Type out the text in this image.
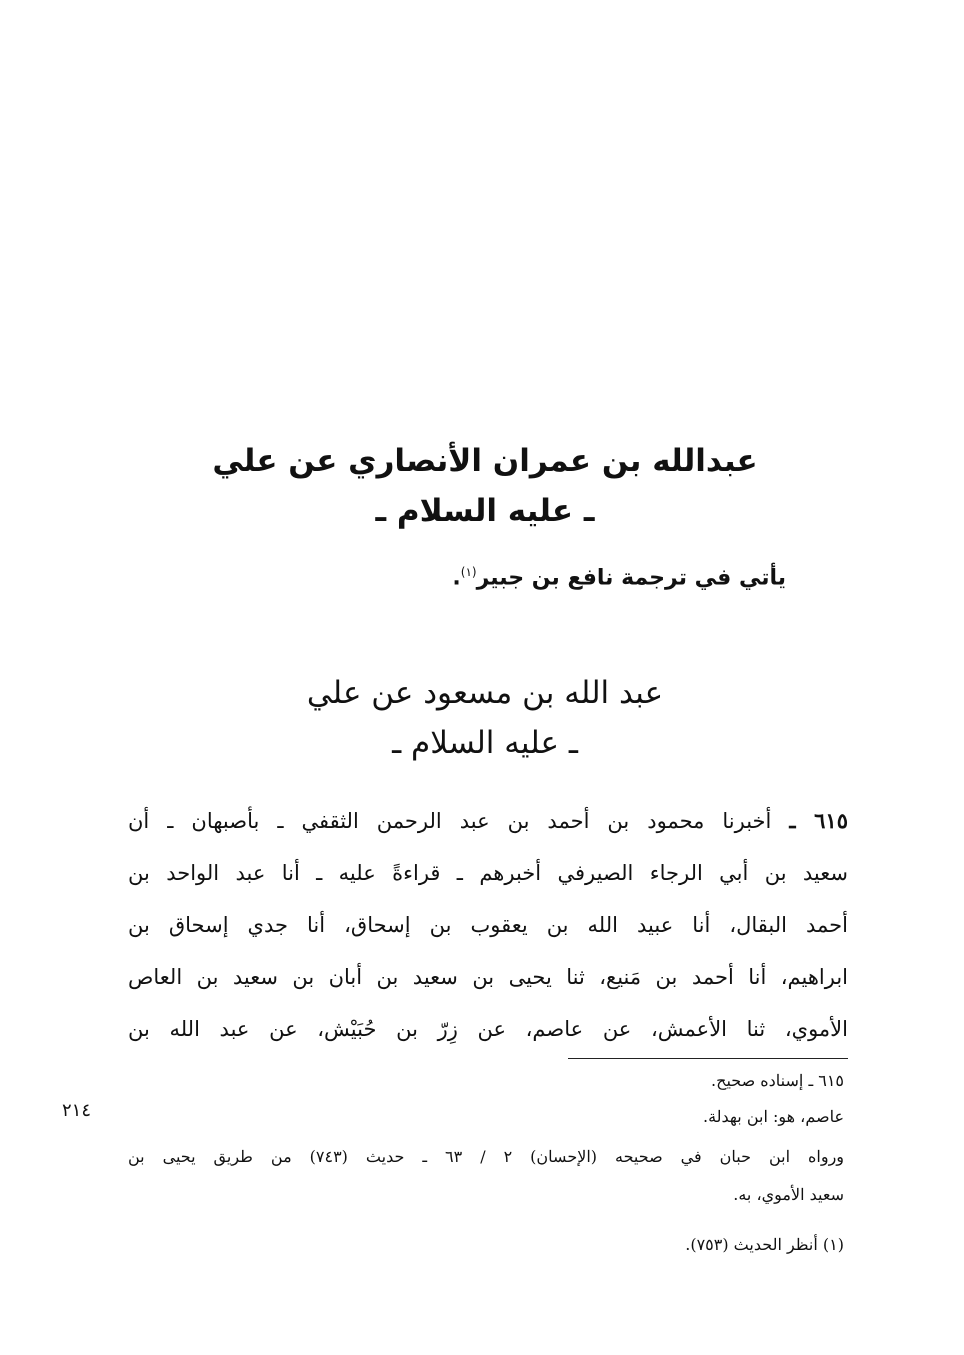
عبدالله بن عمران الأنصاري عن علي
ـ عليه السلام ـ
يأتي في ترجمة نافع بن جبير$^{(١)}$.
عبد الله بن مسعود عن علي
ـ عليه السلام ـ
٦١٥ ـ أخبرنا محمود بن أحمد بن عبد الرحمن الثقفي ـ بأصبهان ـ أن
سعيد بن أبي الرجاء الصيرفي أخبرهم ـ قراءةً عليه ـ أنا عبد الواحد بن
أحمد البقال، أنا عبيد الله بن يعقوب بن إسحاق، أنا جدي إسحاق بن
ابراهيم، أنا أحمد بن مَنيع، ثنا يحيى بن سعيد بن أبان بن سعيد بن العاص
الأموي، ثنا الأعمش، عن عاصم، عن زِرّ بن حُبَيْش، عن عبد الله بن
٦١٥ ـ إسناده صحيح.
عاصم، هو: ابن بهدلة.
ورواه ابن حبان في صحيحه (الإحسان) ٢ / ٦٣ ـ حديث (٧٤٣) من طريق يحيى بن
سعيد الأموي، به.
(١) أنظر الحديث (٧٥٣).
٢١٤
